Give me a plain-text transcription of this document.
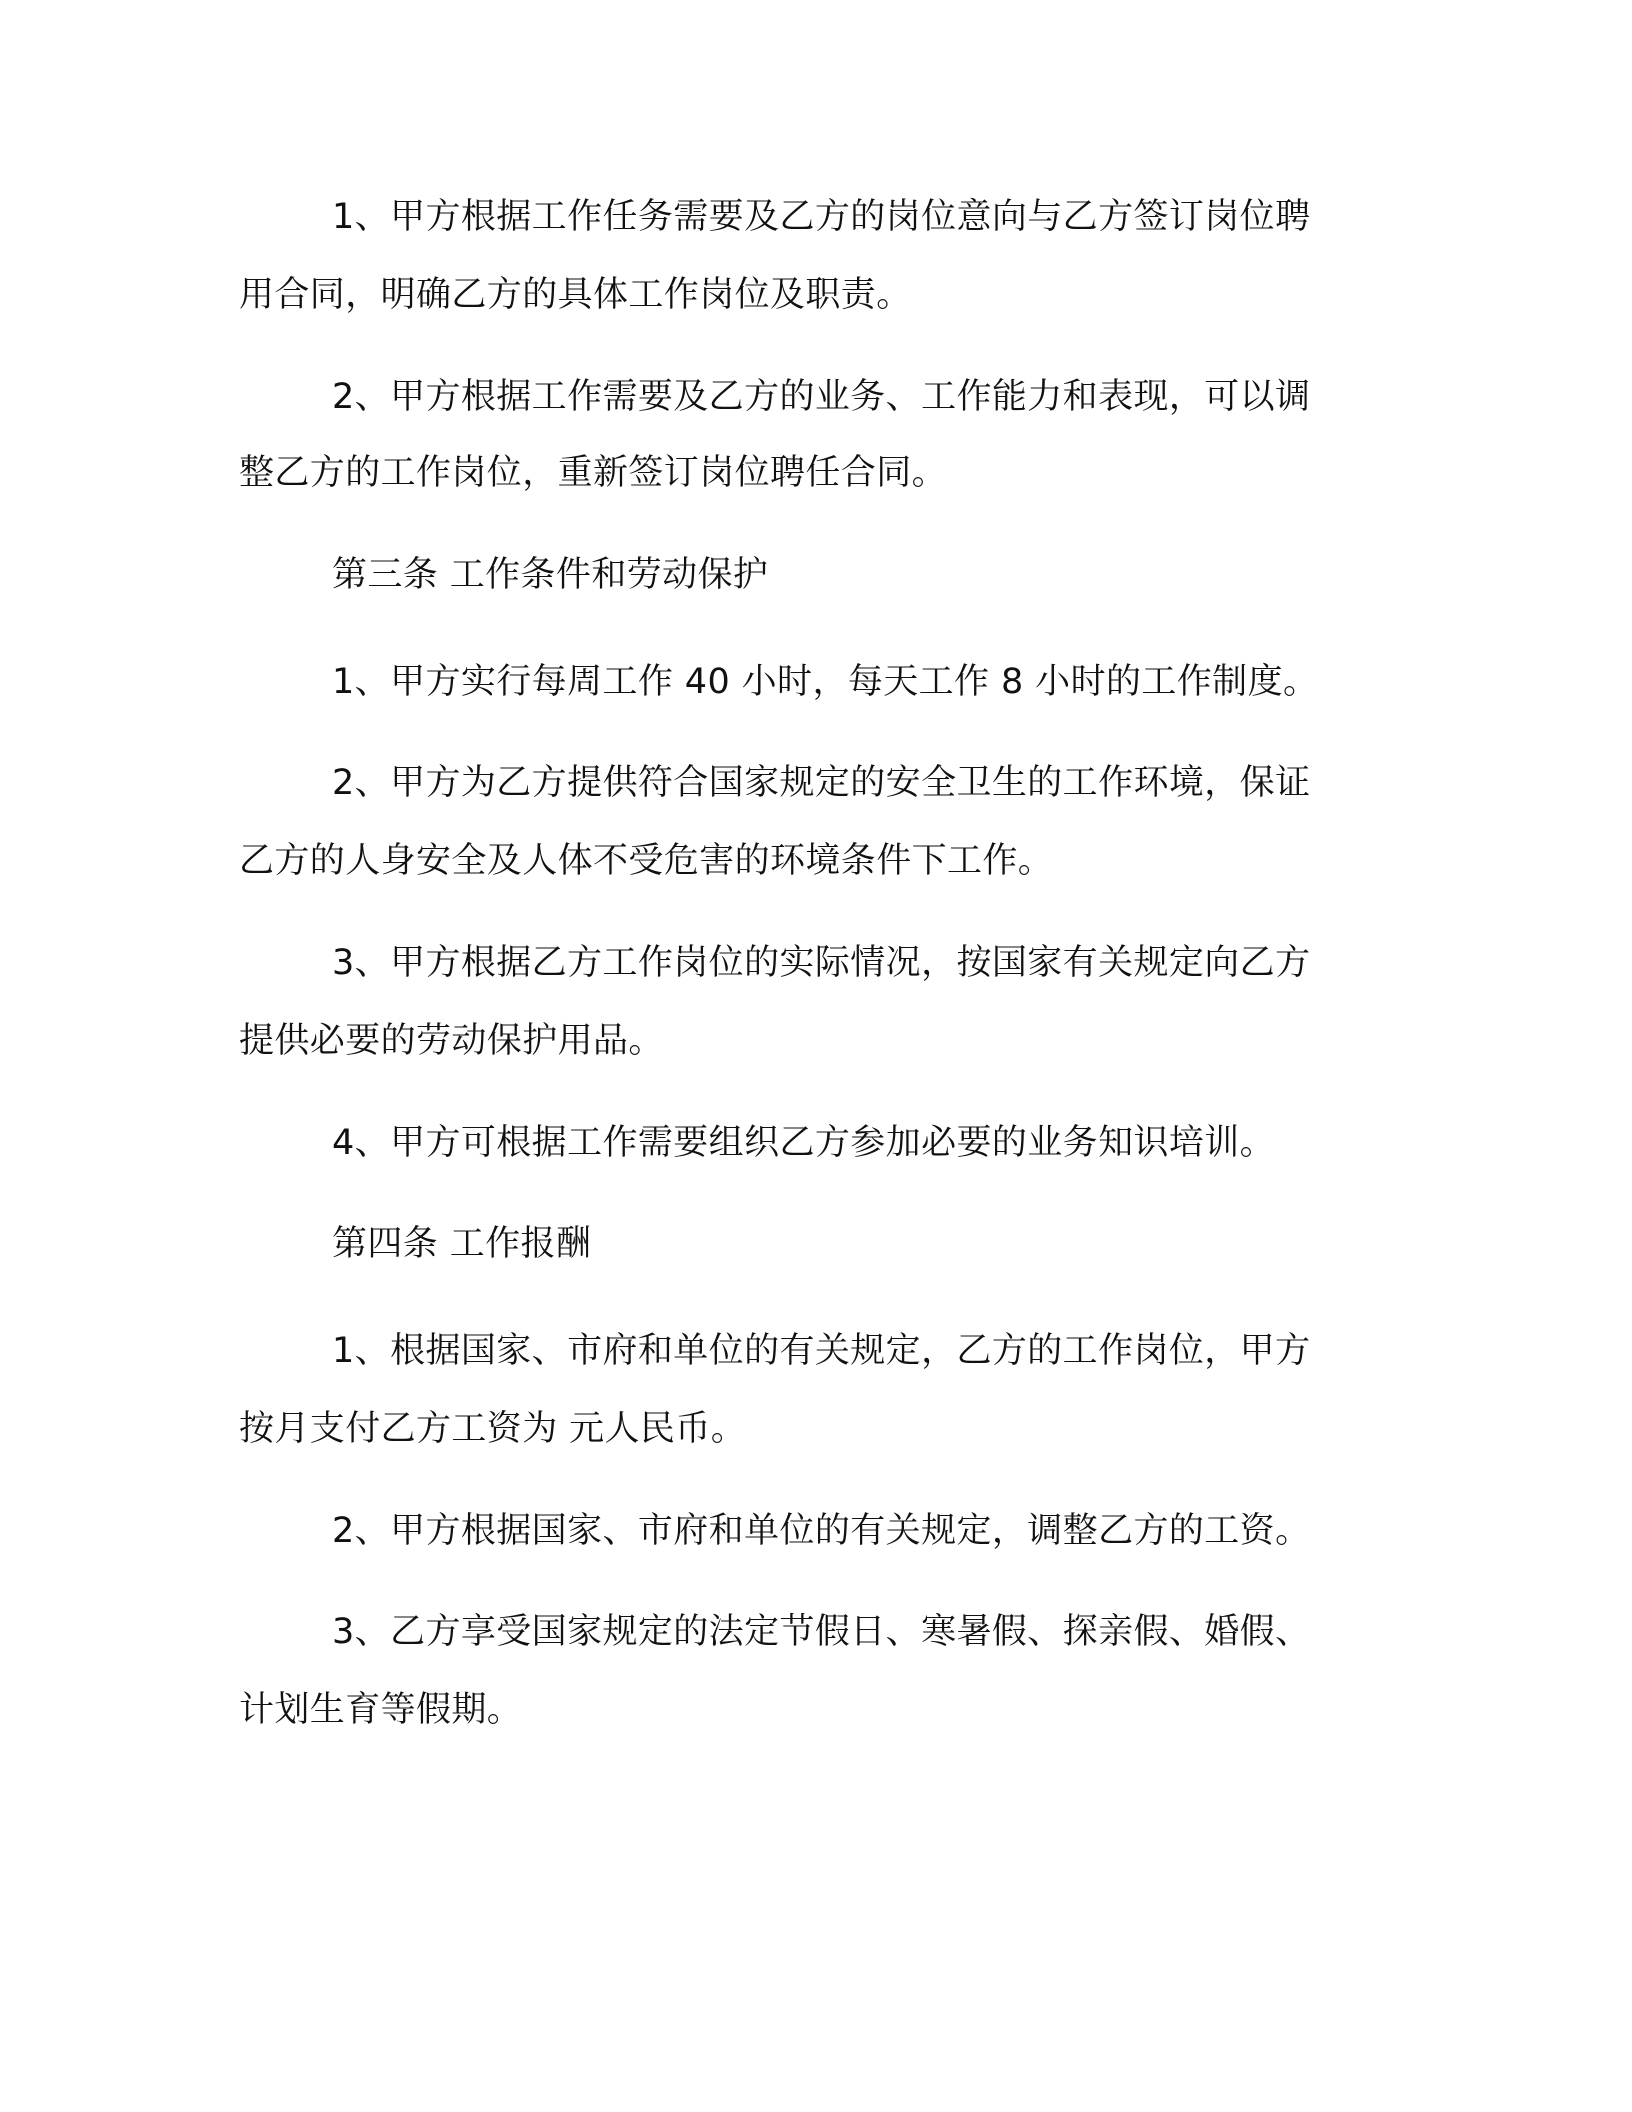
1、甲方根据工作任务需要及乙方的岗位意向与乙方签订岗位聘
用合同，明确乙方的具体工作岗位及职责。
2、甲方根据工作需要及乙方的业务、工作能力和表现，可以调
整乙方的工作岗位，重新签订岗位聘任合同。
第三条 工作条件和劳动保护
1、甲方实行每周工作 40 小时，每天工作 8 小时的工作制度。
2、甲方为乙方提供符合国家规定的安全卫生的工作环境，保证
乙方的人身安全及人体不受危害的环境条件下工作。
3、甲方根据乙方工作岗位的实际情况，按国家有关规定向乙方
提供必要的劳动保护用品。
4、甲方可根据工作需要组织乙方参加必要的业务知识培训。
第四条 工作报酬
1、根据国家、市府和单位的有关规定，乙方的工作岗位，甲方
按月支付乙方工资为 元人民币。
2、甲方根据国家、市府和单位的有关规定，调整乙方的工资。
3、乙方享受国家规定的法定节假日、寒暑假、探亲假、婚假、
计划生育等假期。
